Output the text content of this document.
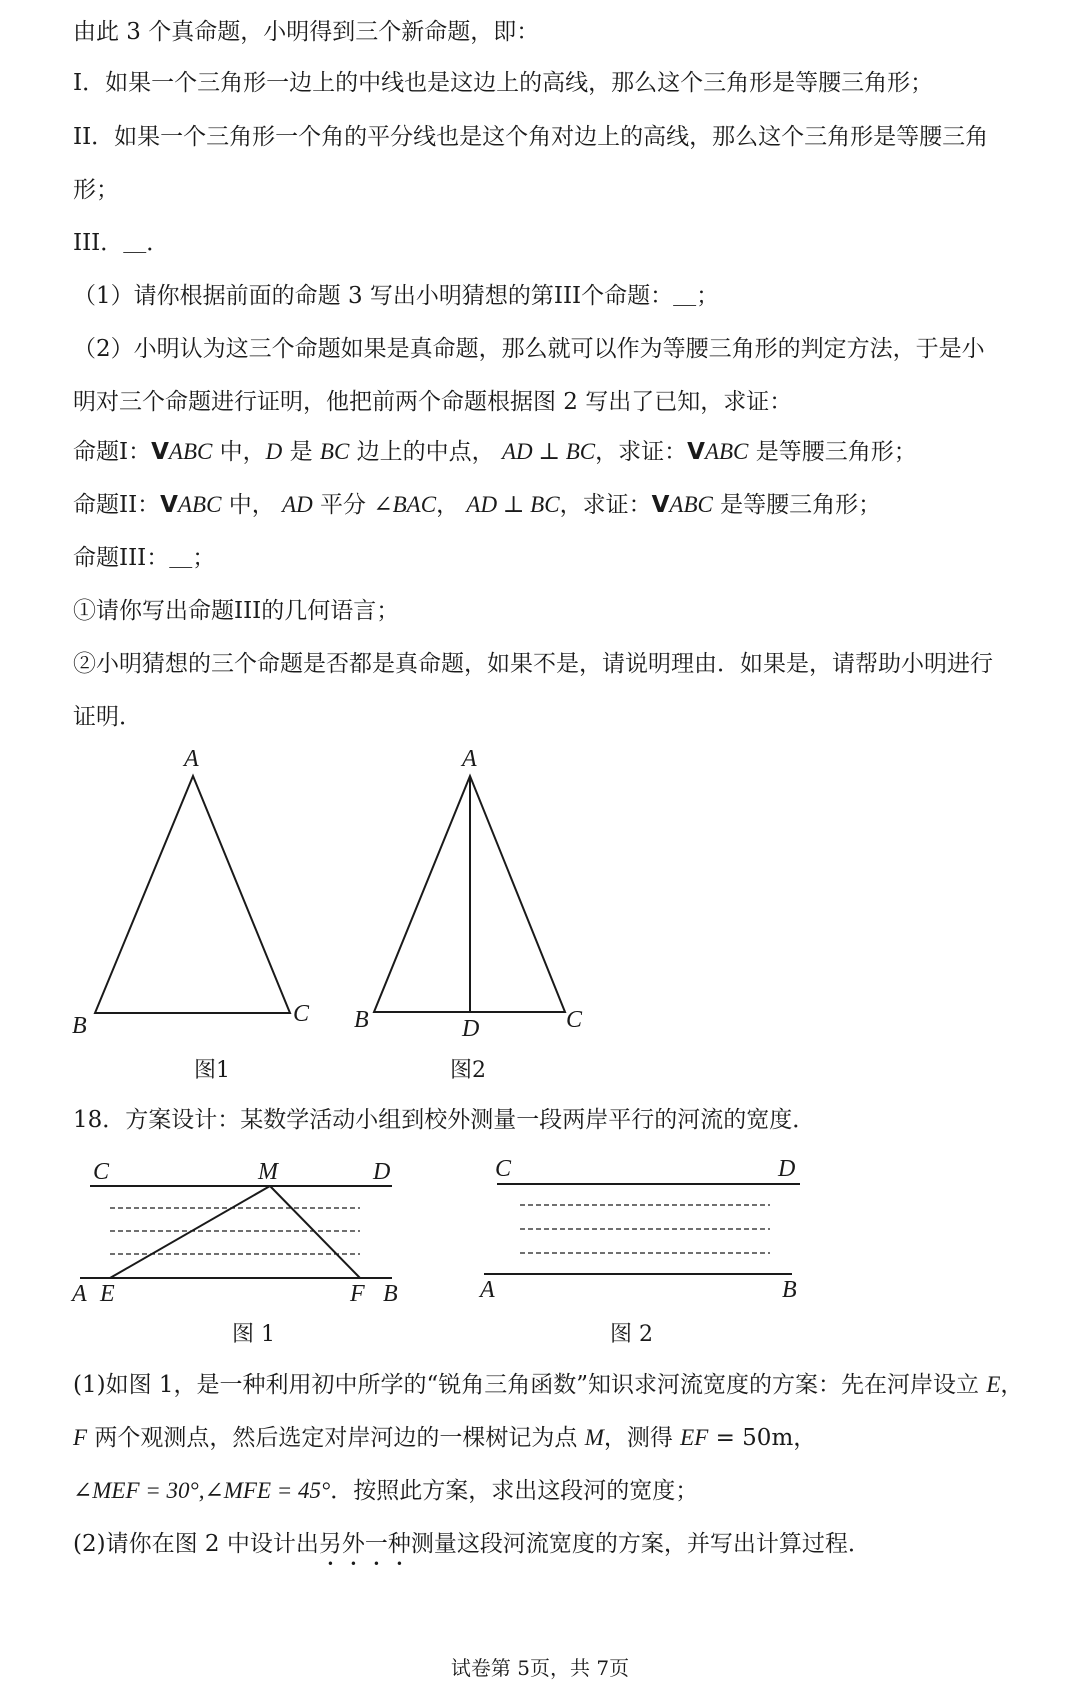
由此 3 个真命题，小明得到三个新命题，即：
I．如果一个三角形一边上的中线也是这边上的高线，那么这个三角形是等腰三角形；
II．如果一个三角形一个角的平分线也是这个角对边上的高线，那么这个三角形是等腰三角
形；
III．＿．
（1）请你根据前面的命题 3 写出小明猜想的第III个命题：＿；
（2）小明认为这三个命题如果是真命题，那么就可以作为等腰三角形的判定方法，于是小
明对三个命题进行证明，他把前两个命题根据图 2 写出了已知，求证：
命题I：VABC 中，D 是 BC 边上的中点， AD ⊥ BC，求证：VABC 是等腰三角形；
命题II：VABC 中， AD 平分 ∠BAC， AD ⊥ BC，求证：VABC 是等腰三角形；
命题III：＿；
①请你写出命题III的几何语言；
②小明猜想的三个命题是否都是真命题，如果不是，请说明理由．如果是，请帮助小明进行
证明．
18．方案设计：某数学活动小组到校外测量一段两岸平行的河流的宽度．
(1)如图 1，是一种利用初中所学的“锐角三角函数”知识求河流宽度的方案：先在河岸设立 E，
F 两个观测点，然后选定对岸河边的一棵树记为点 M，测得 EF = 50m，
∠MEF = 30°,∠MFE = 45°．按照此方案，求出这段河的宽度；
(2)请你在图 2 中设计出另外一种测量这段河流宽度的方案，并写出计算过程．
A
B	C
图1
A
B	C
D
图2
C	M	D
A E	F B
图 1
C	D
A	B
图 2
试卷第 5页，共 7页
